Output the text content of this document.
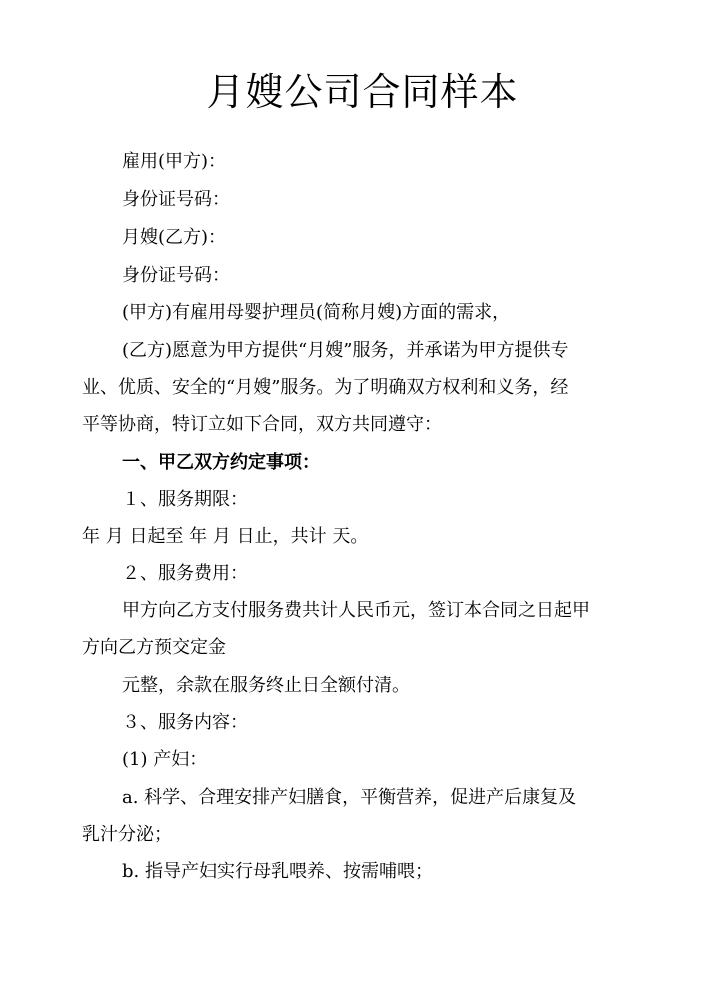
月嫂公司合同样本
雇用(甲方)：
身份证号码：
月嫂(乙方)：
身份证号码：
(甲方)有雇用母婴护理员(简称月嫂)方面的需求，
(乙方)愿意为甲方提供“月嫂”服务，并承诺为甲方提供专
业、优质、安全的“月嫂”服务。为了明确双方权利和义务，经
平等协商，特订立如下合同，双方共同遵守：
一、甲乙双方约定事项：
１、服务期限：
年 月 日起至 年 月 日止，共计 天。
２、服务费用：
甲方向乙方支付服务费共计人民币元，签订本合同之日起甲
方向乙方预交定金
元整，余款在服务终止日全额付清。
３、服务内容：
(1) 产妇：
a. 科学、合理安排产妇膳食，平衡营养，促进产后康复及
乳汁分泌；
b. 指导产妇实行母乳喂养、按需哺喂；
